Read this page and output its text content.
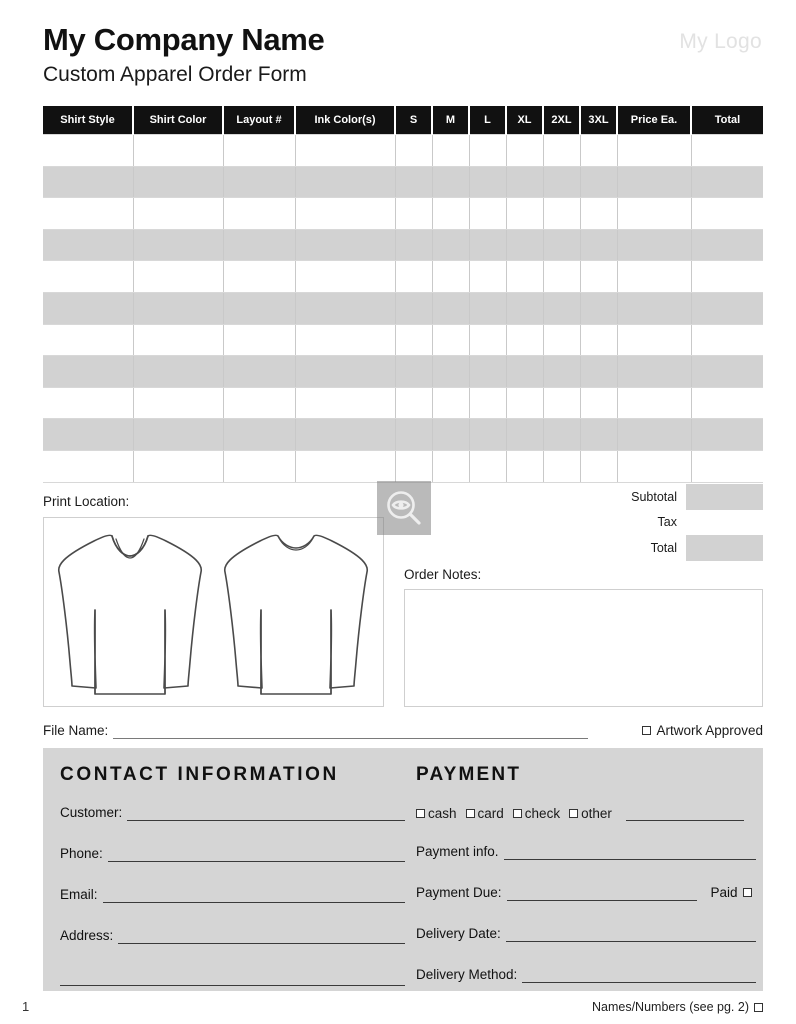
My Company Name
Custom Apparel Order Form
My Logo
Shirt Style	Shirt Color	Layout #	Ink Color(s)	S	M	L	XL	2XL	3XL	Price Ea.	Total

Subtotal
Tax
Total
Print Location:
Order Notes:
File Name:	Artwork Approved
CONTACT INFORMATION
Customer:
Phone:
Email:
Address:
PAYMENT
cash card check other
Payment info.
Payment Due:	Paid
Delivery Date:
Delivery Method:
1	Names/Numbers (see pg. 2)
